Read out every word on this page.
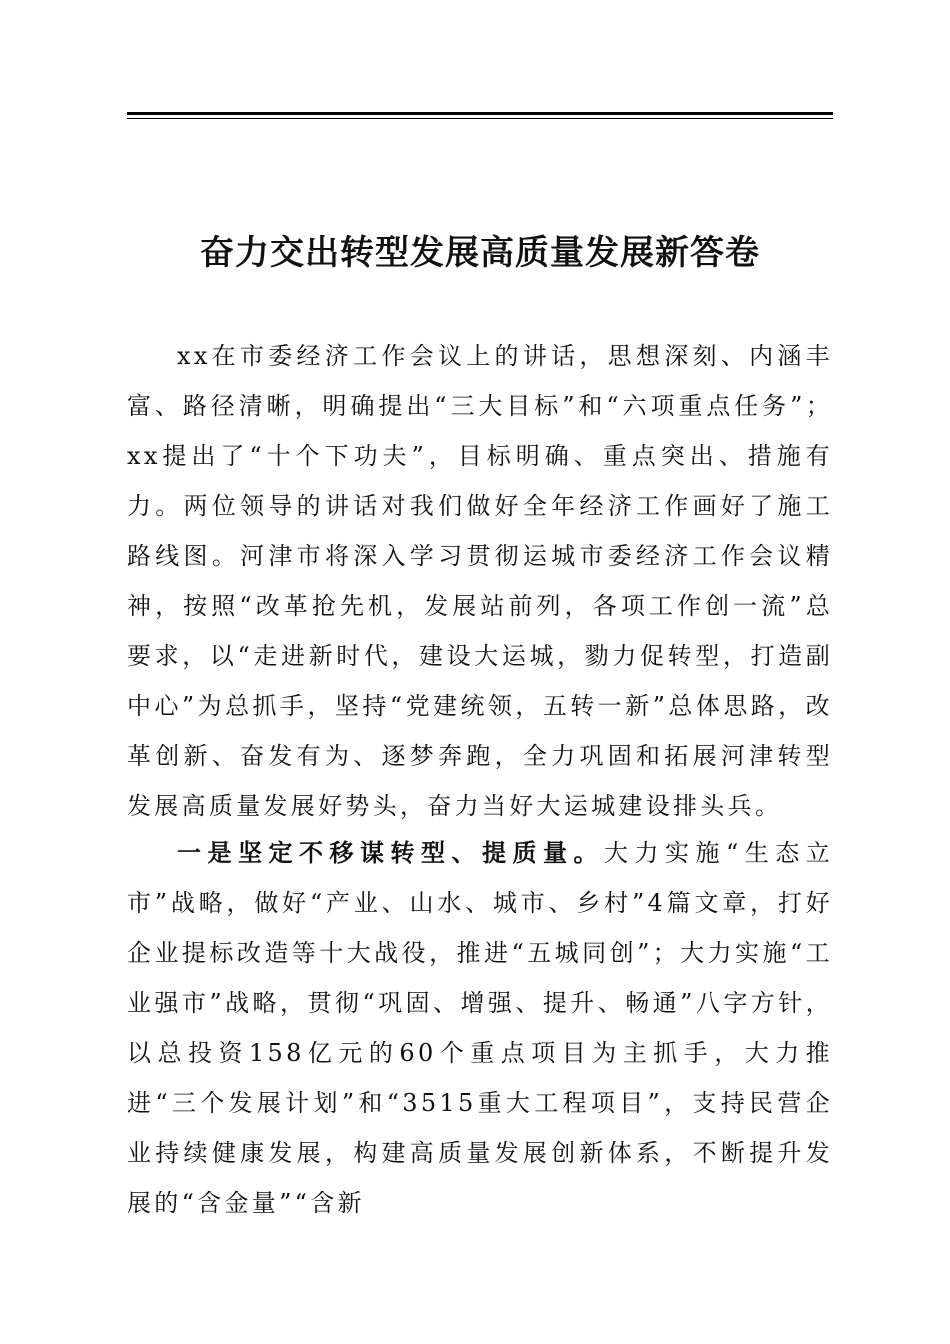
奋力交出转型发展高质量发展新答卷

xx在市委经济工作会议上的讲话，思想深刻、内涵丰富、路径清晰，明确提出“三大目标”和“六项重点任务”；xx提出了“十个下功夫”，目标明确、重点突出、措施有力。两位领导的讲话对我们做好全年经济工作画好了施工路线图。河津市将深入学习贯彻运城市委经济工作会议精神，按照“改革抢先机，发展站前列，各项工作创一流”总要求，以“走进新时代，建设大运城，勠力促转型，打造副中心”为总抓手，坚持“党建统领，五转一新”总体思路，改革创新、奋发有为、逐梦奔跑，全力巩固和拓展河津转型发展高质量发展好势头，奋力当好大运城建设排头兵。

一是坚定不移谋转型、提质量。大力实施“生态立市”战略，做好“产业、山水、城市、乡村”4篇文章，打好企业提标改造等十大战役，推进“五城同创”；大力实施“工业强市”战略，贯彻“巩固、增强、提升、畅通”八字方针，以总投资158亿元的60个重点项目为主抓手，大力推进“三个发展计划”和“3515重大工程项目”，支持民营企业持续健康发展，构建高质量发展创新体系，不断提升发展的“含金量”“含新
